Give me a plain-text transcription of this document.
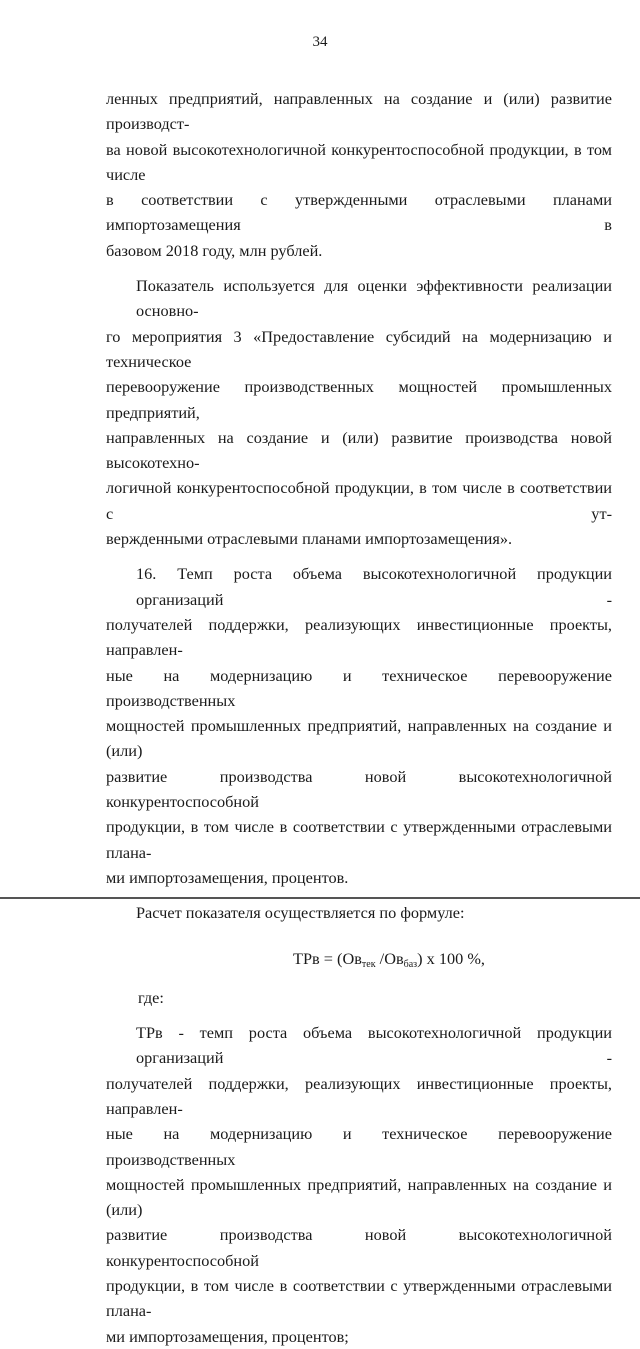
34
ленных предприятий, направленных на создание и (или) развитие производст-
ва новой высокотехнологичной конкурентоспособной продукции, в том числе
в соответствии с утвержденными отраслевыми планами импортозамещения в
базовом 2018 году, млн рублей.
Показатель используется для оценки эффективности реализации основно-
го мероприятия 3 «Предоставление субсидий на модернизацию и техническое
перевооружение производственных мощностей промышленных предприятий,
направленных на создание и (или) развитие производства новой высокотехно-
логичной конкурентоспособной продукции, в том числе в соответствии с ут-
вержденными отраслевыми планами импортозамещения».
16. Темп роста объема высокотехнологичной продукции организаций -
получателей поддержки, реализующих инвестиционные проекты, направлен-
ные на модернизацию и техническое перевооружение производственных
мощностей промышленных предприятий, направленных на создание и (или)
развитие производства новой высокотехнологичной конкурентоспособной
продукции, в том числе в соответствии с утвержденными отраслевыми плана-
ми импортозамещения, процентов.
Расчет показателя осуществляется по формуле:
ТРв = ($Ов_{тек}$ $/Ов_{баз}$) х 100 %,
где:
ТРв - темп роста объема высокотехнологичной продукции организаций -
получателей поддержки, реализующих инвестиционные проекты, направлен-
ные на модернизацию и техническое перевооружение производственных
мощностей промышленных предприятий, направленных на создание и (или)
развитие производства новой высокотехнологичной конкурентоспособной
продукции, в том числе в соответствии с утвержденными отраслевыми плана-
ми импортозамещения, процентов;
